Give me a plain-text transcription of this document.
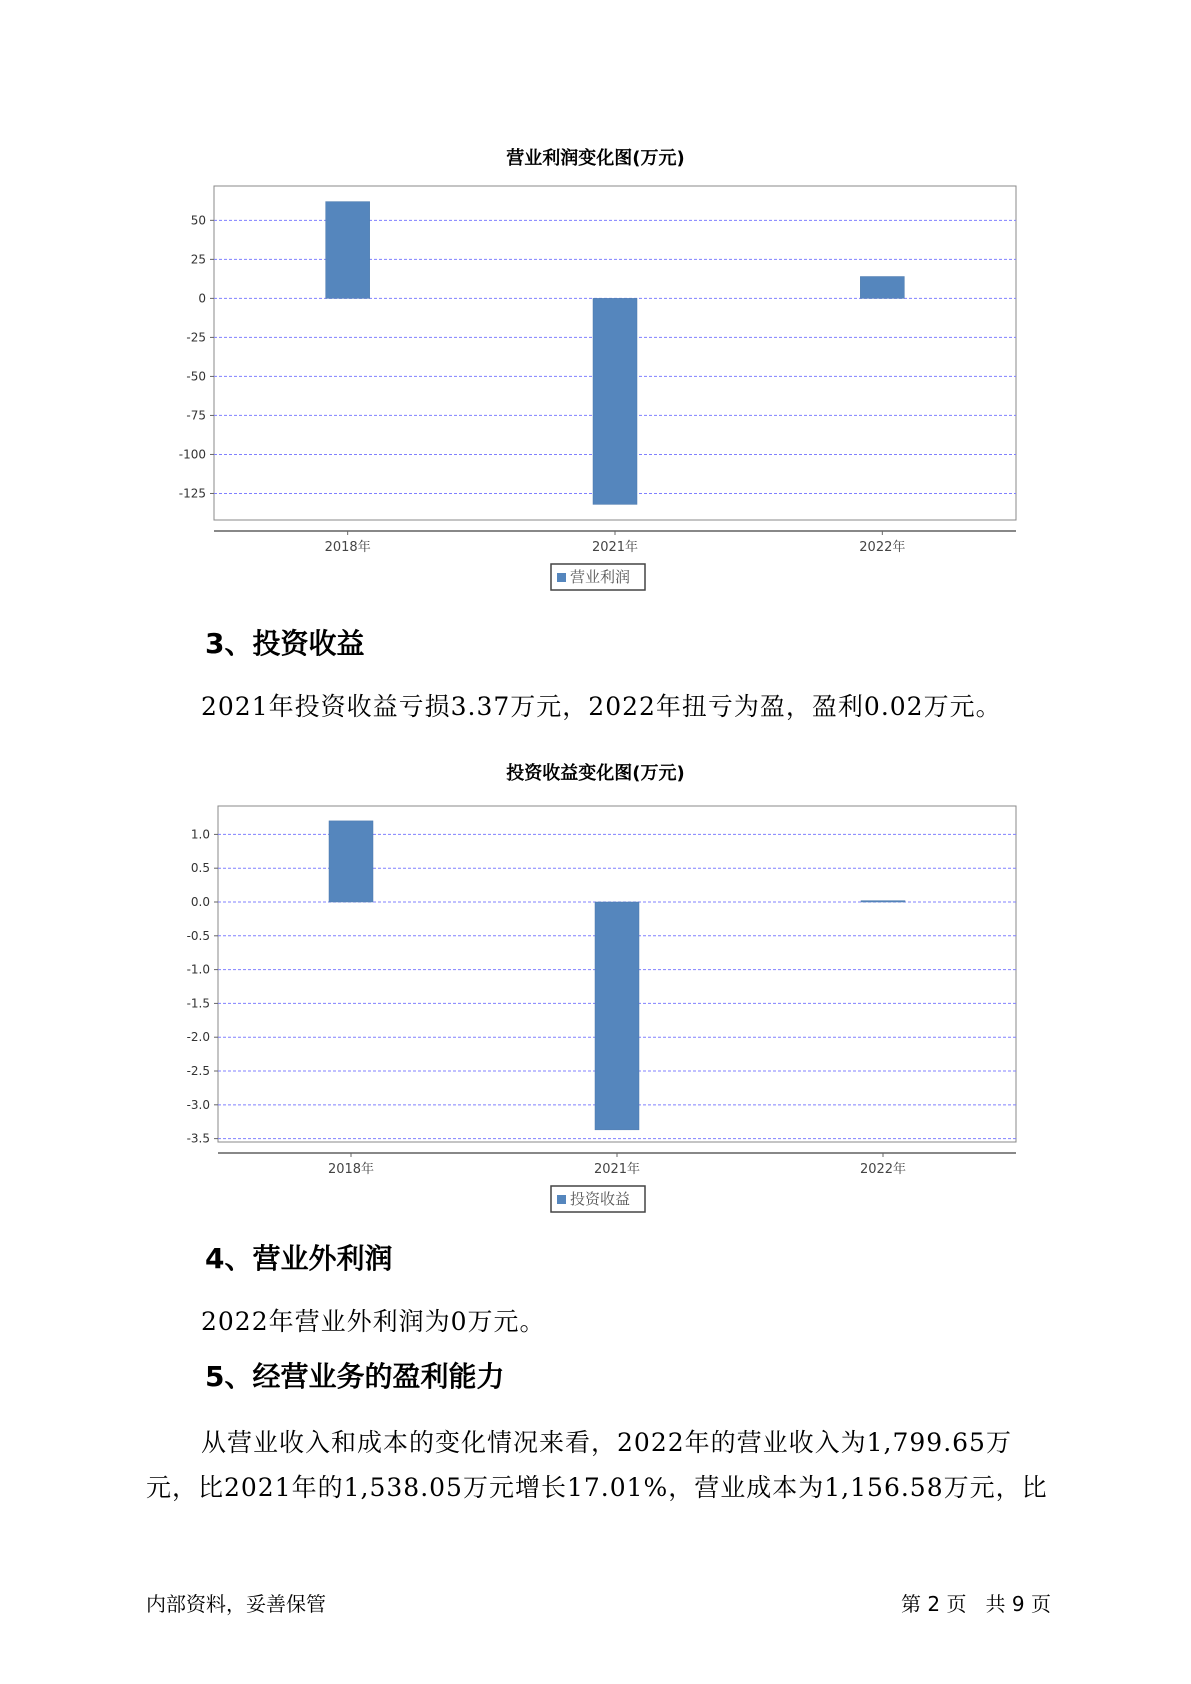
营业利润变化图(万元)
50
25
0
-25
-50
-75
-100
-125
2018年	2021年	2022年
营业利润
3、投资收益

2021年投资收益亏损3.37万元，2022年扭亏为盈，盈利0.02万元。

投资收益变化图(万元)
1.0
0.5
0.0
-0.5
-1.0
-1.5
-2.0
-2.5
-3.0
-3.5
2018年	2021年	2022年
投资收益
4、营业外利润

2022年营业外利润为0万元。

5、经营业务的盈利能力

从营业收入和成本的变化情况来看，2022年的营业收入为1,799.65万

元，比2021年的1,538.05万元增长17.01%，营业成本为1,156.58万元，比

内部资料，妥善保管	第 2 页   共 9 页
